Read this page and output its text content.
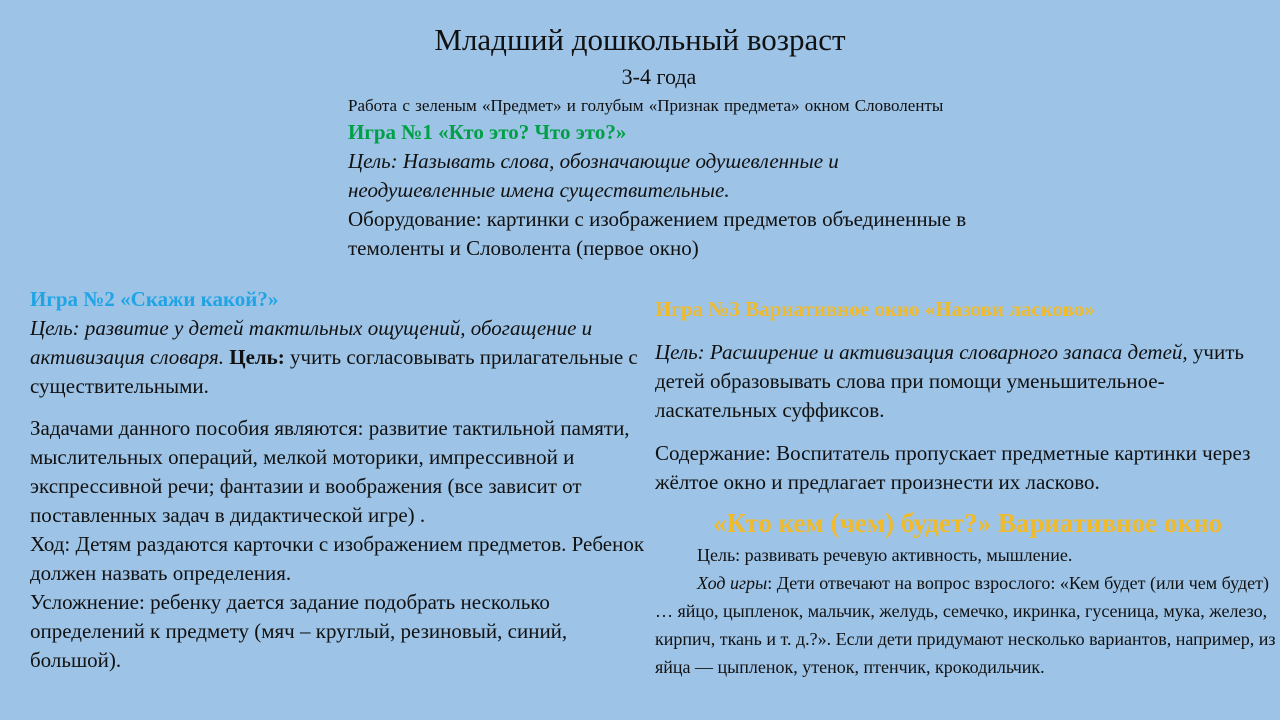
Младший дошкольный возраст
3-4 года

Работа с зеленым «Предмет» и голубым «Признак предмета» окном Словоленты

Игра №1 «Кто это? Что это?»

Цель: Называть слова, обозначающие одушевленные и неодушевленные имена существительные.

Оборудование: картинки с изображением предметов объединенные в темоленты и Словолента (первое окно)

Игра №2 «Скажи какой?»

Цель: развитие у детей тактильных ощущений, обогащение и активизация словаря. Цель: учить согласовывать прилагательные с существительными.

Задачами данного пособия являются: развитие тактильной памяти, мыслительных операций, мелкой моторики, импрессивной и экспрессивной речи; фантазии и воображения (все зависит от поставленных задач в дидактической игре) .

Ход: Детям раздаются карточки с изображением предметов. Ребенок должен назвать определения.

Усложнение: ребенку дается задание подобрать несколько определений к предмету (мяч – круглый, резиновый, синий, большой).

Игра №3 Вариативное окно «Назови ласково»

Цель: Расширение и активизация словарного запаса детей, учить детей образовывать слова при помощи уменьшительное- ласкательных суффиксов.

Содержание: Воспитатель пропускает предметные картинки через жёлтое окно и предлагает произнести их ласково.

«Кто кем (чем) будет?» Вариативное окно

Цель: развивать речевую активность, мышление.

Ход игры: Дети отвечают на вопрос взрослого: «Кем будет (или чем будет) … яйцо, цыпленок, мальчик, желудь, семечко, икринка, гусеница, мука, железо, кирпич, ткань и т. д.?». Если дети придумают несколько вариантов, например, из яйца — цыпленок, утенок, птенчик, крокодильчик.
